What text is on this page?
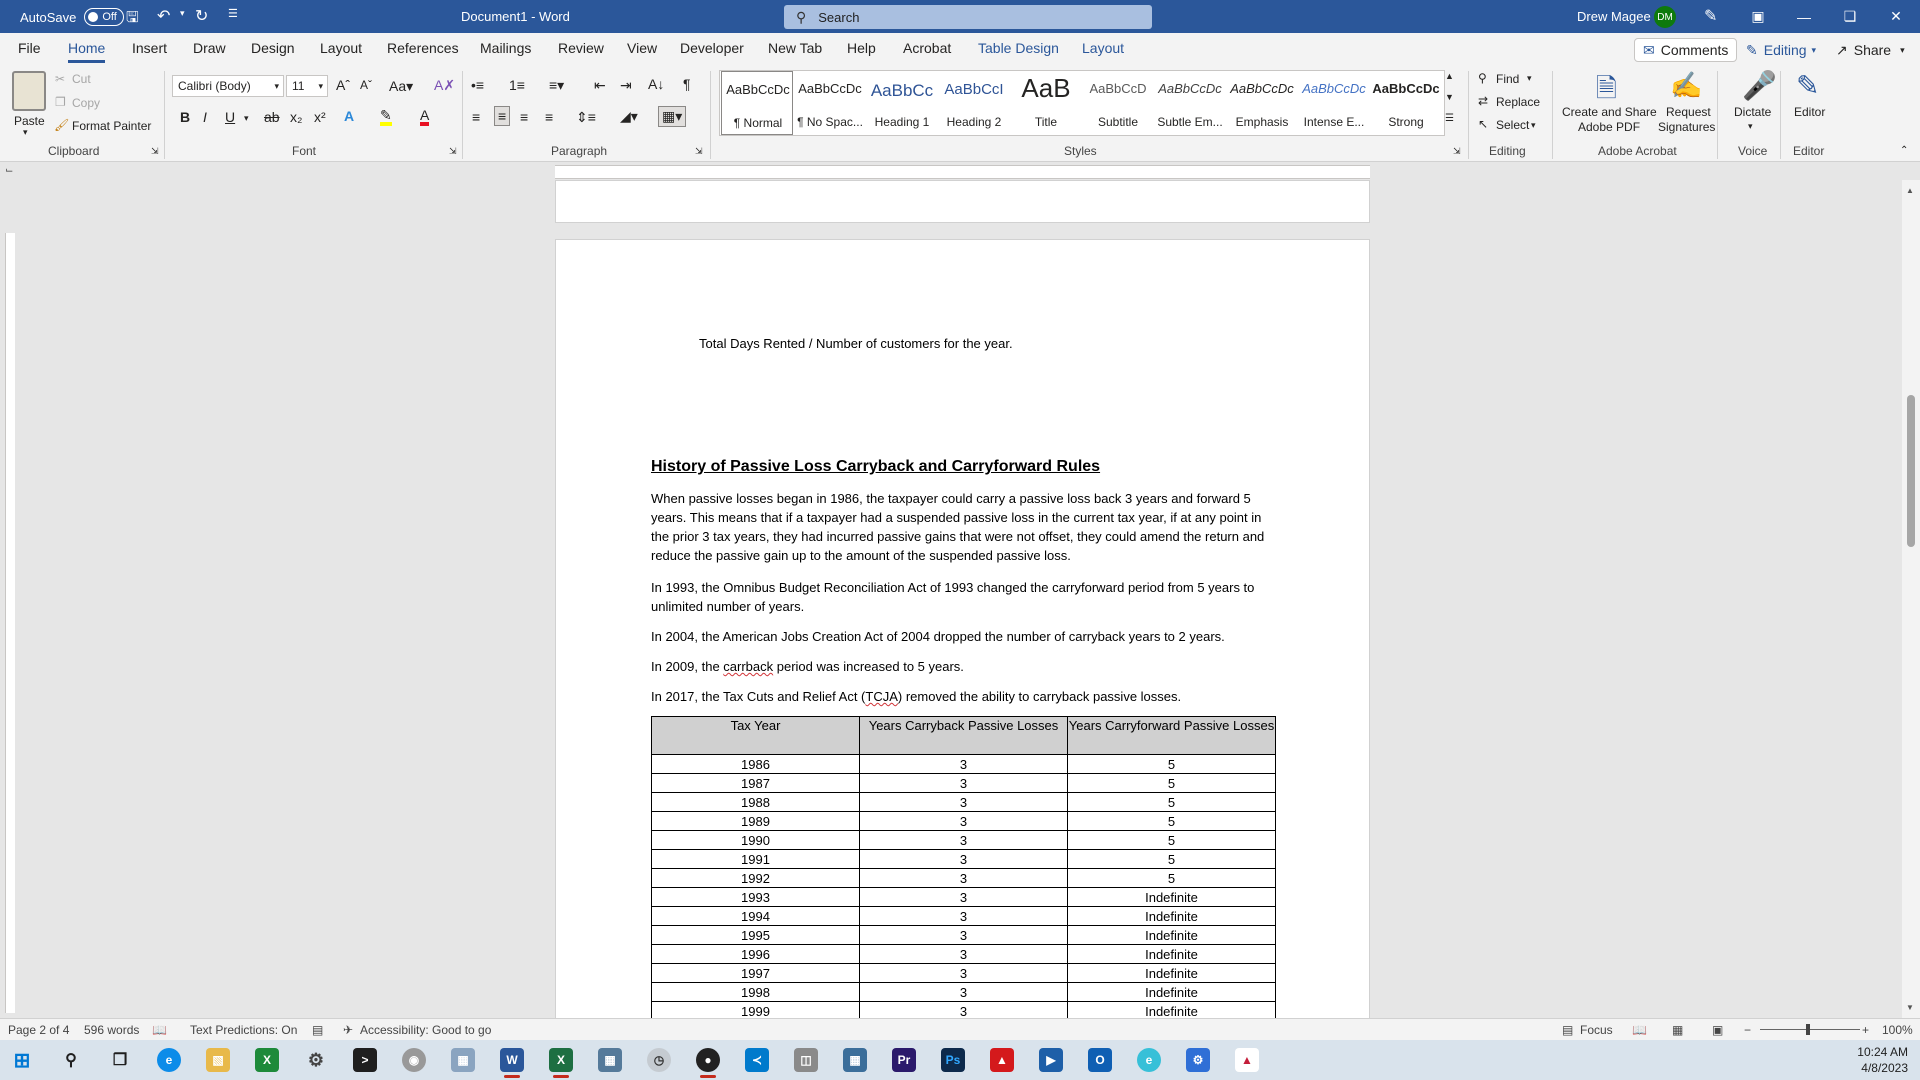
AutoSave Off 🖫 ↶ ▾ ↻ ☰	Document1 - Word	⚲ Search	Drew Magee DM ✎	▣	—	❏	✕
File Home Insert Draw Design Layout References Mailings Review View Developer New Tab Help Acrobat Table Design Layout	✉ Comments ✎ Editing ▾ ↗ Share ▾
Paste
▾
✂ Cut
❐ Copy
🖌 Format Painter
Clipboard	⇲
Calibri (Body)	▾ 11 ▾ Aˆ Aˇ Aa▾ A✗
B I U ▾ ab x₂ x² A ✎ A
Font	⇲
•≡ 1≡ ≡▾ ⇤ ⇥ A↓ ¶
≡ ≡ ≡ ≡ ⇕≡ ◢▾ ▦▾
Paragraph	⇲
AaBbCcDc
¶ Normal
AaBbCcDc
¶ No Spac...
AaBbCc
Heading 1
AaBbCcI
Heading 2
AaB
Title
AaBbCcD
Subtitle
AaBbCcDc
Subtle Em...
AaBbCcDc
Emphasis
AaBbCcDc
Intense E...
AaBbCcDc
Strong
▲
▼
☰
Styles	⇲
⚲ Find ▾
⇄ Replace
↖ Select ▾
Editing
🗎
Create and Share
Adobe PDF
✍
Request
Signatures
Adobe Acrobat
🎤
Dictate
▾
Voice
✎
Editor
Editor	⌃
⌙
Total Days Rented / Number of customers for the year.
History of Passive Loss Carryback and Carryforward Rules
When passive losses began in 1986, the taxpayer could carry a passive loss back 3 years and forward 5 years. This means that if a taxpayer had a suspended passive loss in the current tax year, if at any point in the prior 3 tax years, they had incurred passive gains that were not offset, they could amend the return and reduce the passive gain up to the amount of the suspended passive loss.
In 1993, the Omnibus Budget Reconciliation Act of 1993 changed the carryforward period from 5 years to unlimited number of years.
In 2004, the American Jobs Creation Act of 2004 dropped the number of carryback years to 2 years.
In 2009, the carrback period was increased to 5 years.
In 2017, the Tax Cuts and Relief Act (TCJA) removed the ability to carryback passive losses.
Tax Year	Years Carryback Passive Losses	Years Carryforward Passive Losses
1986	3	5
1987	3	5
1988	3	5
1989	3	5
1990	3	5
1991	3	5
1992	3	5
1993	3	Indefinite
1994	3	Indefinite
1995	3	Indefinite
1996	3	Indefinite
1997	3	Indefinite
1998	3	Indefinite
1999	3	Indefinite
▲
▼
Page 2 of 4 596 words 📖 Text Predictions: On ▤ ✈ Accessibility: Good to go	▤ Focus 📖 ▦ ▣ −	+ 100%
⊞	⚲	❒	e	▧	X	⚙	>	◉	▦	W	X	▦	◷	●	≺	◫	▦	Pr	Ps	▲	▶	O	e	⚙	▲
10:24 AM
4/8/2023
